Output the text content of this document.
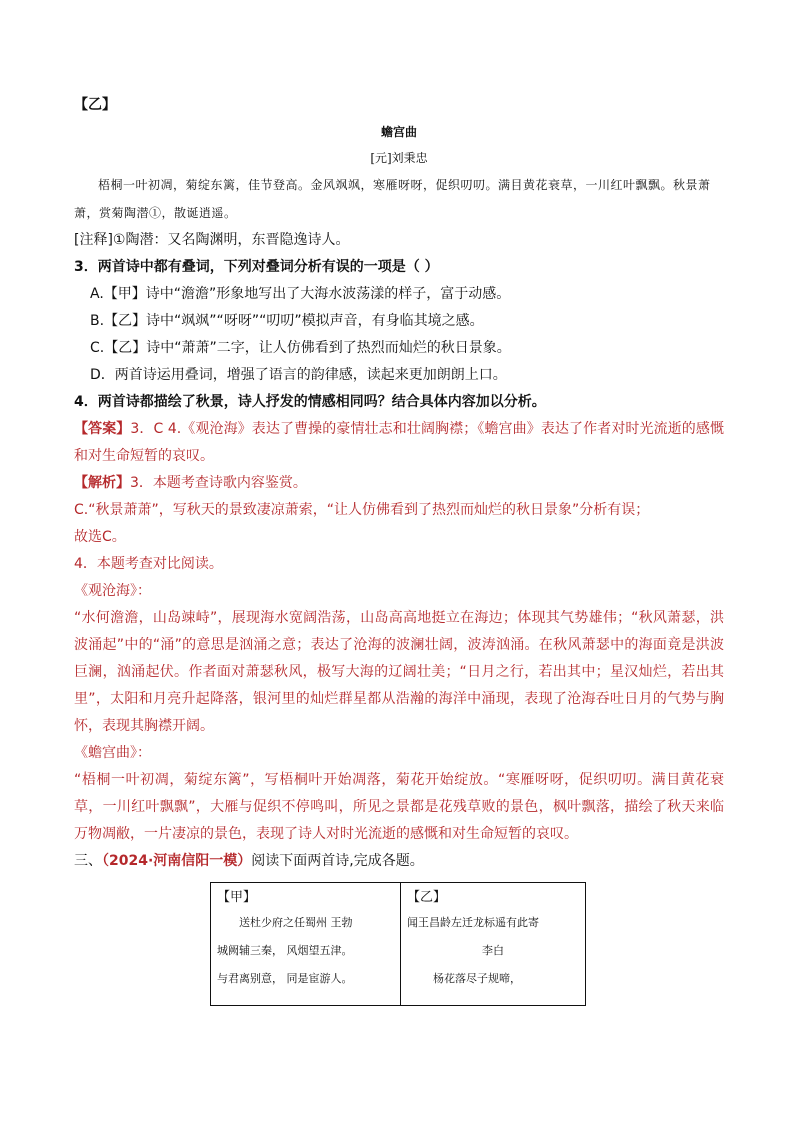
【乙】
蟾宫曲
[元]刘秉忠
梧桐一叶初凋，菊绽东篱，佳节登高。金风飒飒，寒雁呀呀，促织叨叨。满目黄花衰草，一川红叶飘飘。秋景萧萧，赏菊陶潜①，散诞逍遥。
[注释]①陶潜：又名陶渊明，东晋隐逸诗人。
3．两首诗中都有叠词，下列对叠词分析有误的一项是（ ）
A.【甲】诗中“澹澹”形象地写出了大海水波荡漾的样子，富于动感。
B.【乙】诗中“飒飒”“呀呀”“叨叨”模拟声音，有身临其境之感。
C.【乙】诗中“萧萧”二字，让人仿佛看到了热烈而灿烂的秋日景象。
D．两首诗运用叠词，增强了语言的韵律感，读起来更加朗朗上口。
4．两首诗都描绘了秋景，诗人抒发的情感相同吗？结合具体内容加以分析。
【答案】3．C 4.《观沧海》表达了曹操的豪情壮志和壮阔胸襟；《蟾宫曲》表达了作者对时光流逝的感慨和对生命短暂的哀叹。
【解析】3．本题考查诗歌内容鉴赏。
C.“秋景萧萧”，写秋天的景致凄凉萧索，“让人仿佛看到了热烈而灿烂的秋日景象”分析有误；
故选C。
4．本题考查对比阅读。
《观沧海》：
“水何澹澹，山岛竦峙”，展现海水宽阔浩荡，山岛高高地挺立在海边；体现其气势雄伟；“秋风萧瑟，洪波涌起”中的“涌”的意思是汹涌之意；表达了沧海的波澜壮阔，波涛汹涌。在秋风萧瑟中的海面竟是洪波巨澜，汹涌起伏。作者面对萧瑟秋风，极写大海的辽阔壮美；“日月之行，若出其中；星汉灿烂，若出其里”，太阳和月亮升起降落，银河里的灿烂群星都从浩瀚的海洋中涌现，表现了沧海吞吐日月的气势与胸怀，表现其胸襟开阔。
《蟾宫曲》：
“梧桐一叶初凋，菊绽东篱”，写梧桐叶开始凋落，菊花开始绽放。“寒雁呀呀，促织叨叨。满目黄花衰草，一川红叶飘飘”，大雁与促织不停鸣叫，所见之景都是花残草败的景色，枫叶飘落，描绘了秋天来临万物凋敝，一片凄凉的景色，表现了诗人对时光流逝的感慨和对生命短暂的哀叹。
三、（2024·河南信阳一模）阅读下面两首诗,完成各题。
【甲】
送杜少府之任蜀州 王勃
城阙辅三秦， 风烟望五津。
与君离别意， 同是宦游人。
【乙】
闻王昌龄左迁龙标遥有此寄
李白
杨花落尽子规啼，
